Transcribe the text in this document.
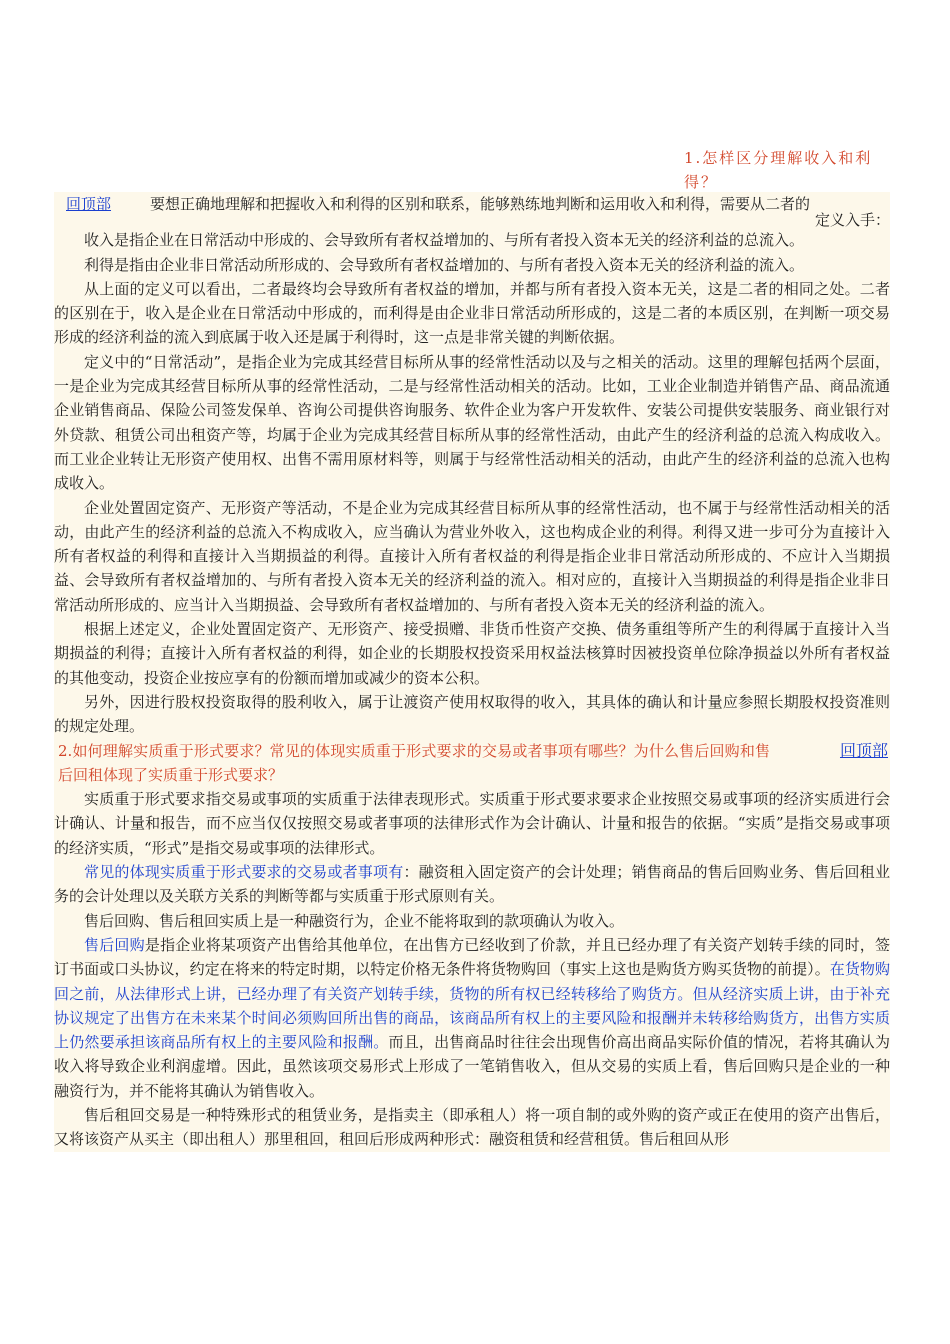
1.怎样区分理解收入和利得？
回顶部	要想正确地理解和把握收入和利得的区别和联系，能够熟练地判断和运用收入和利得，需要从二者的
定义入手：

收入是指企业在日常活动中形成的、会导致所有者权益增加的、与所有者投入资本无关的经济利益的总流入。

利得是指由企业非日常活动所形成的、会导致所有者权益增加的、与所有者投入资本无关的经济利益的流入。

从上面的定义可以看出，二者最终均会导致所有者权益的增加，并都与所有者投入资本无关，这是二者的相同之处。二者的区别在于，收入是企业在日常活动中形成的，而利得是由企业非日常活动所形成的，这是二者的本质区别，在判断一项交易形成的经济利益的流入到底属于收入还是属于利得时，这一点是非常关键的判断依据。

定义中的“日常活动”，是指企业为完成其经营目标所从事的经常性活动以及与之相关的活动。这里的理解包括两个层面，一是企业为完成其经营目标所从事的经常性活动，二是与经常性活动相关的活动。比如，工业企业制造并销售产品、商品流通企业销售商品、保险公司签发保单、咨询公司提供咨询服务、软件企业为客户开发软件、安装公司提供安装服务、商业银行对外贷款、租赁公司出租资产等，均属于企业为完成其经营目标所从事的经常性活动，由此产生的经济利益的总流入构成收入。而工业企业转让无形资产使用权、出售不需用原材料等，则属于与经常性活动相关的活动，由此产生的经济利益的总流入也构成收入。

企业处置固定资产、无形资产等活动，不是企业为完成其经营目标所从事的经常性活动，也不属于与经常性活动相关的活动，由此产生的经济利益的总流入不构成收入，应当确认为营业外收入，这也构成企业的利得。利得又进一步可分为直接计入所有者权益的利得和直接计入当期损益的利得。直接计入所有者权益的利得是指企业非日常活动所形成的、不应计入当期损益、会导致所有者权益增加的、与所有者投入资本无关的经济利益的流入。相对应的，直接计入当期损益的利得是指企业非日常活动所形成的、应当计入当期损益、会导致所有者权益增加的、与所有者投入资本无关的经济利益的流入。

根据上述定义，企业处置固定资产、无形资产、接受损赠、非货币性资产交换、债务重组等所产生的利得属于直接计入当期损益的利得；直接计入所有者权益的利得，如企业的长期股权投资采用权益法核算时因被投资单位除净损益以外所有者权益的其他变动，投资企业按应享有的份额而增加或减少的资本公积。

另外，因进行股权投资取得的股利收入，属于让渡资产使用权取得的收入，其具体的确认和计量应参照长期股权投资准则的规定处理。

2.如何理解实质重于形式要求？常见的体现实质重于形式要求的交易或者事项有哪些？为什么售后回购和售后回租体现了实质重于形式要求？

回顶部

实质重于形式要求指交易或事项的实质重于法律表现形式。实质重于形式要求要求企业按照交易或事项的经济实质进行会计确认、计量和报告，而不应当仅仅按照交易或者事项的法律形式作为会计确认、计量和报告的依据。“实质”是指交易或事项的经济实质，“形式”是指交易或事项的法律形式。

常见的体现实质重于形式要求的交易或者事项有：融资租入固定资产的会计处理；销售商品的售后回购业务、售后回租业务的会计处理以及关联方关系的判断等都与实质重于形式原则有关。

售后回购、售后租回实质上是一种融资行为，企业不能将取到的款项确认为收入。

售后回购是指企业将某项资产出售给其他单位，在出售方已经收到了价款，并且已经办理了有关资产划转手续的同时，签订书面或口头协议，约定在将来的特定时期，以特定价格无条件将货物购回（事实上这也是购货方购买货物的前提）。在货物购回之前，从法律形式上讲，已经办理了有关资产划转手续，货物的所有权已经转移给了购货方。但从经济实质上讲，由于补充协议规定了出售方在未来某个时间必须购回所出售的商品，该商品所有权上的主要风险和报酬并未转移给购货方，出售方实质上仍然要承担该商品所有权上的主要风险和报酬。而且，出售商品时往往会出现售价高出商品实际价值的情况，若将其确认为收入将导致企业利润虚增。因此，虽然该项交易形式上形成了一笔销售收入，但从交易的实质上看，售后回购只是企业的一种融资行为，并不能将其确认为销售收入。

售后租回交易是一种特殊形式的租赁业务，是指卖主（即承租人）将一项自制的或外购的资产或正在使用的资产出售后，又将该资产从买主（即出租人）那里租回，租回后形成两种形式：融资租赁和经营租赁。售后租回从形
